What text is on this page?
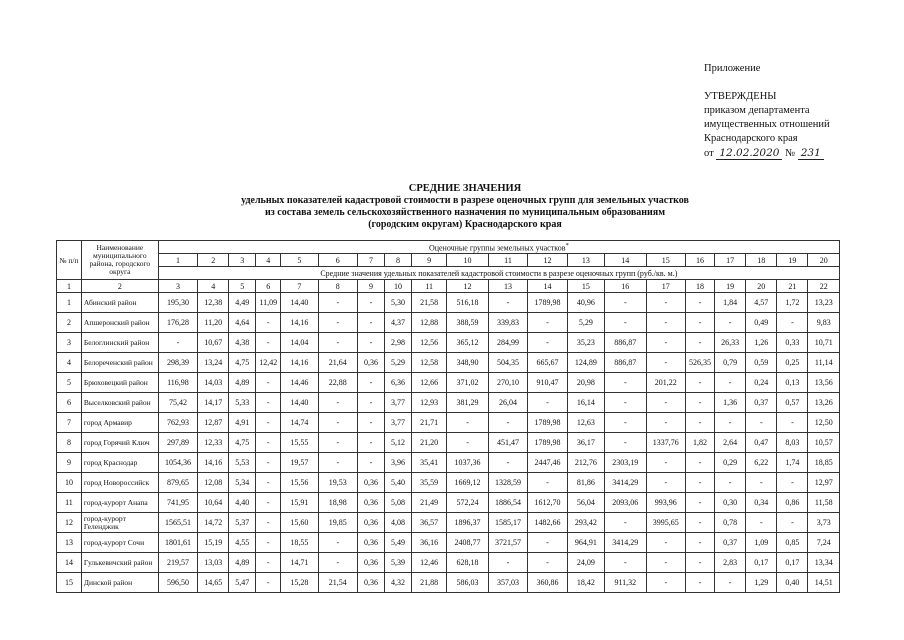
Приложение
УТВЕРЖДЕНЫ
приказом департамента
имущественных отношений
Краснодарского края
от 12.02.2020 № 231
СРЕДНИЕ ЗНАЧЕНИЯ
удельных показателей кадастровой стоимости в разрезе оценочных групп для земельных участков
из состава земель сельскохозяйственного назначения по муниципальным образованиям
(городским округам) Краснодарского края
№ п/п	Наименование муниципального района, городского округа	Оценочные группы земельных участков*
		1	2	3	4	5	6	7	8	9	10	11	12	13	14	15	16	17	18	19	20
		Средние значения удельных показателей кадастровой стоимости в разрезе оценочных групп (руб./кв. м.)																			
1	2	3	4	5	6	7	8	9	10	11	12	13	14	15	16	17	18	19	20	21	22
1	Абинский район	195,30	12,38	4,49	11,09	14,40	-	-	5,30	21,58	516,18	-	1789,98	40,96	-	-	-	1,84	4,57	1,72	13,23
2	Апшеронский район	176,28	11,20	4,64	-	14,16	-	-	4,37	12,88	388,59	339,83	-	5,29	-	-	-	-	0,49	-	9,83
3	Белоглинский район	-	10,67	4,38	-	14,04	-	-	2,98	12,56	365,12	284,99	-	35,23	886,87	-	-	26,33	1,26	0,33	10,71
4	Белореченский район	298,39	13,24	4,75	12,42	14,16	21,64	0,36	5,29	12,58	348,90	504,35	665,67	124,89	886,87	-	526,35	0,79	0,59	0,25	11,14
5	Брюховецкий район	116,98	14,03	4,89	-	14,46	22,88	-	6,36	12,66	371,02	270,10	910,47	20,98	-	201,22	-	-	0,24	0,13	13,56
6	Выселковский район	75,42	14,17	5,33	-	14,40	-	-	3,77	12,93	381,29	26,04	-	16,14	-	-	-	1,36	0,37	0,57	13,26
7	город Армавир	762,93	12,87	4,91	-	14,74	-	-	3,77	21,71	-	-	1789,98	12,63	-	-	-	-	-	-	12,50
8	город Горячий Ключ	297,89	12,33	4,75	-	15,55	-	-	5,12	21,20	-	451,47	1789,98	36,17	-	1337,76	1,82	2,64	0,47	8,03	10,57
9	город Краснодар	1054,36	14,16	5,53	-	19,57	-	-	3,96	35,41	1037,36	-	2447,46	212,76	2303,19	-	-	0,29	6,22	1,74	18,85
10	город Новороссийск	879,65	12,08	5,34	-	15,56	19,53	0,36	5,40	35,59	1669,12	1328,59	-	81,86	3414,29	-	-	-	-	-	12,97
11	город-курорт Анапа	741,95	10,64	4,40	-	15,91	18,98	0,36	5,08	21,49	572,24	1886,54	1612,70	56,04	2093,06	993,96	-	0,30	0,34	0,86	11,58
12	город-курорт Геленджик	1565,51	14,72	5,37	-	15,60	19,85	0,36	4,08	36,57	1896,37	1585,17	1482,66	293,42	-	3995,65	-	0,78	-	-	3,73
13	город-курорт Сочи	1801,61	15,19	4,55	-	18,55	-	0,36	5,49	36,16	2408,77	3721,57	-	964,91	3414,29	-	-	0,37	1,09	0,85	7,24
14	Гулькевичский район	219,57	13,03	4,89	-	14,71	-	0,36	5,39	12,46	628,18	-	-	24,09	-	-	-	2,83	0,17	0,17	13,34
15	Динской район	596,50	14,65	5,47	-	15,28	21,54	0,36	4,32	21,88	586,03	357,03	360,86	18,42	911,32	-	-	-	1,29	0,40	14,51
